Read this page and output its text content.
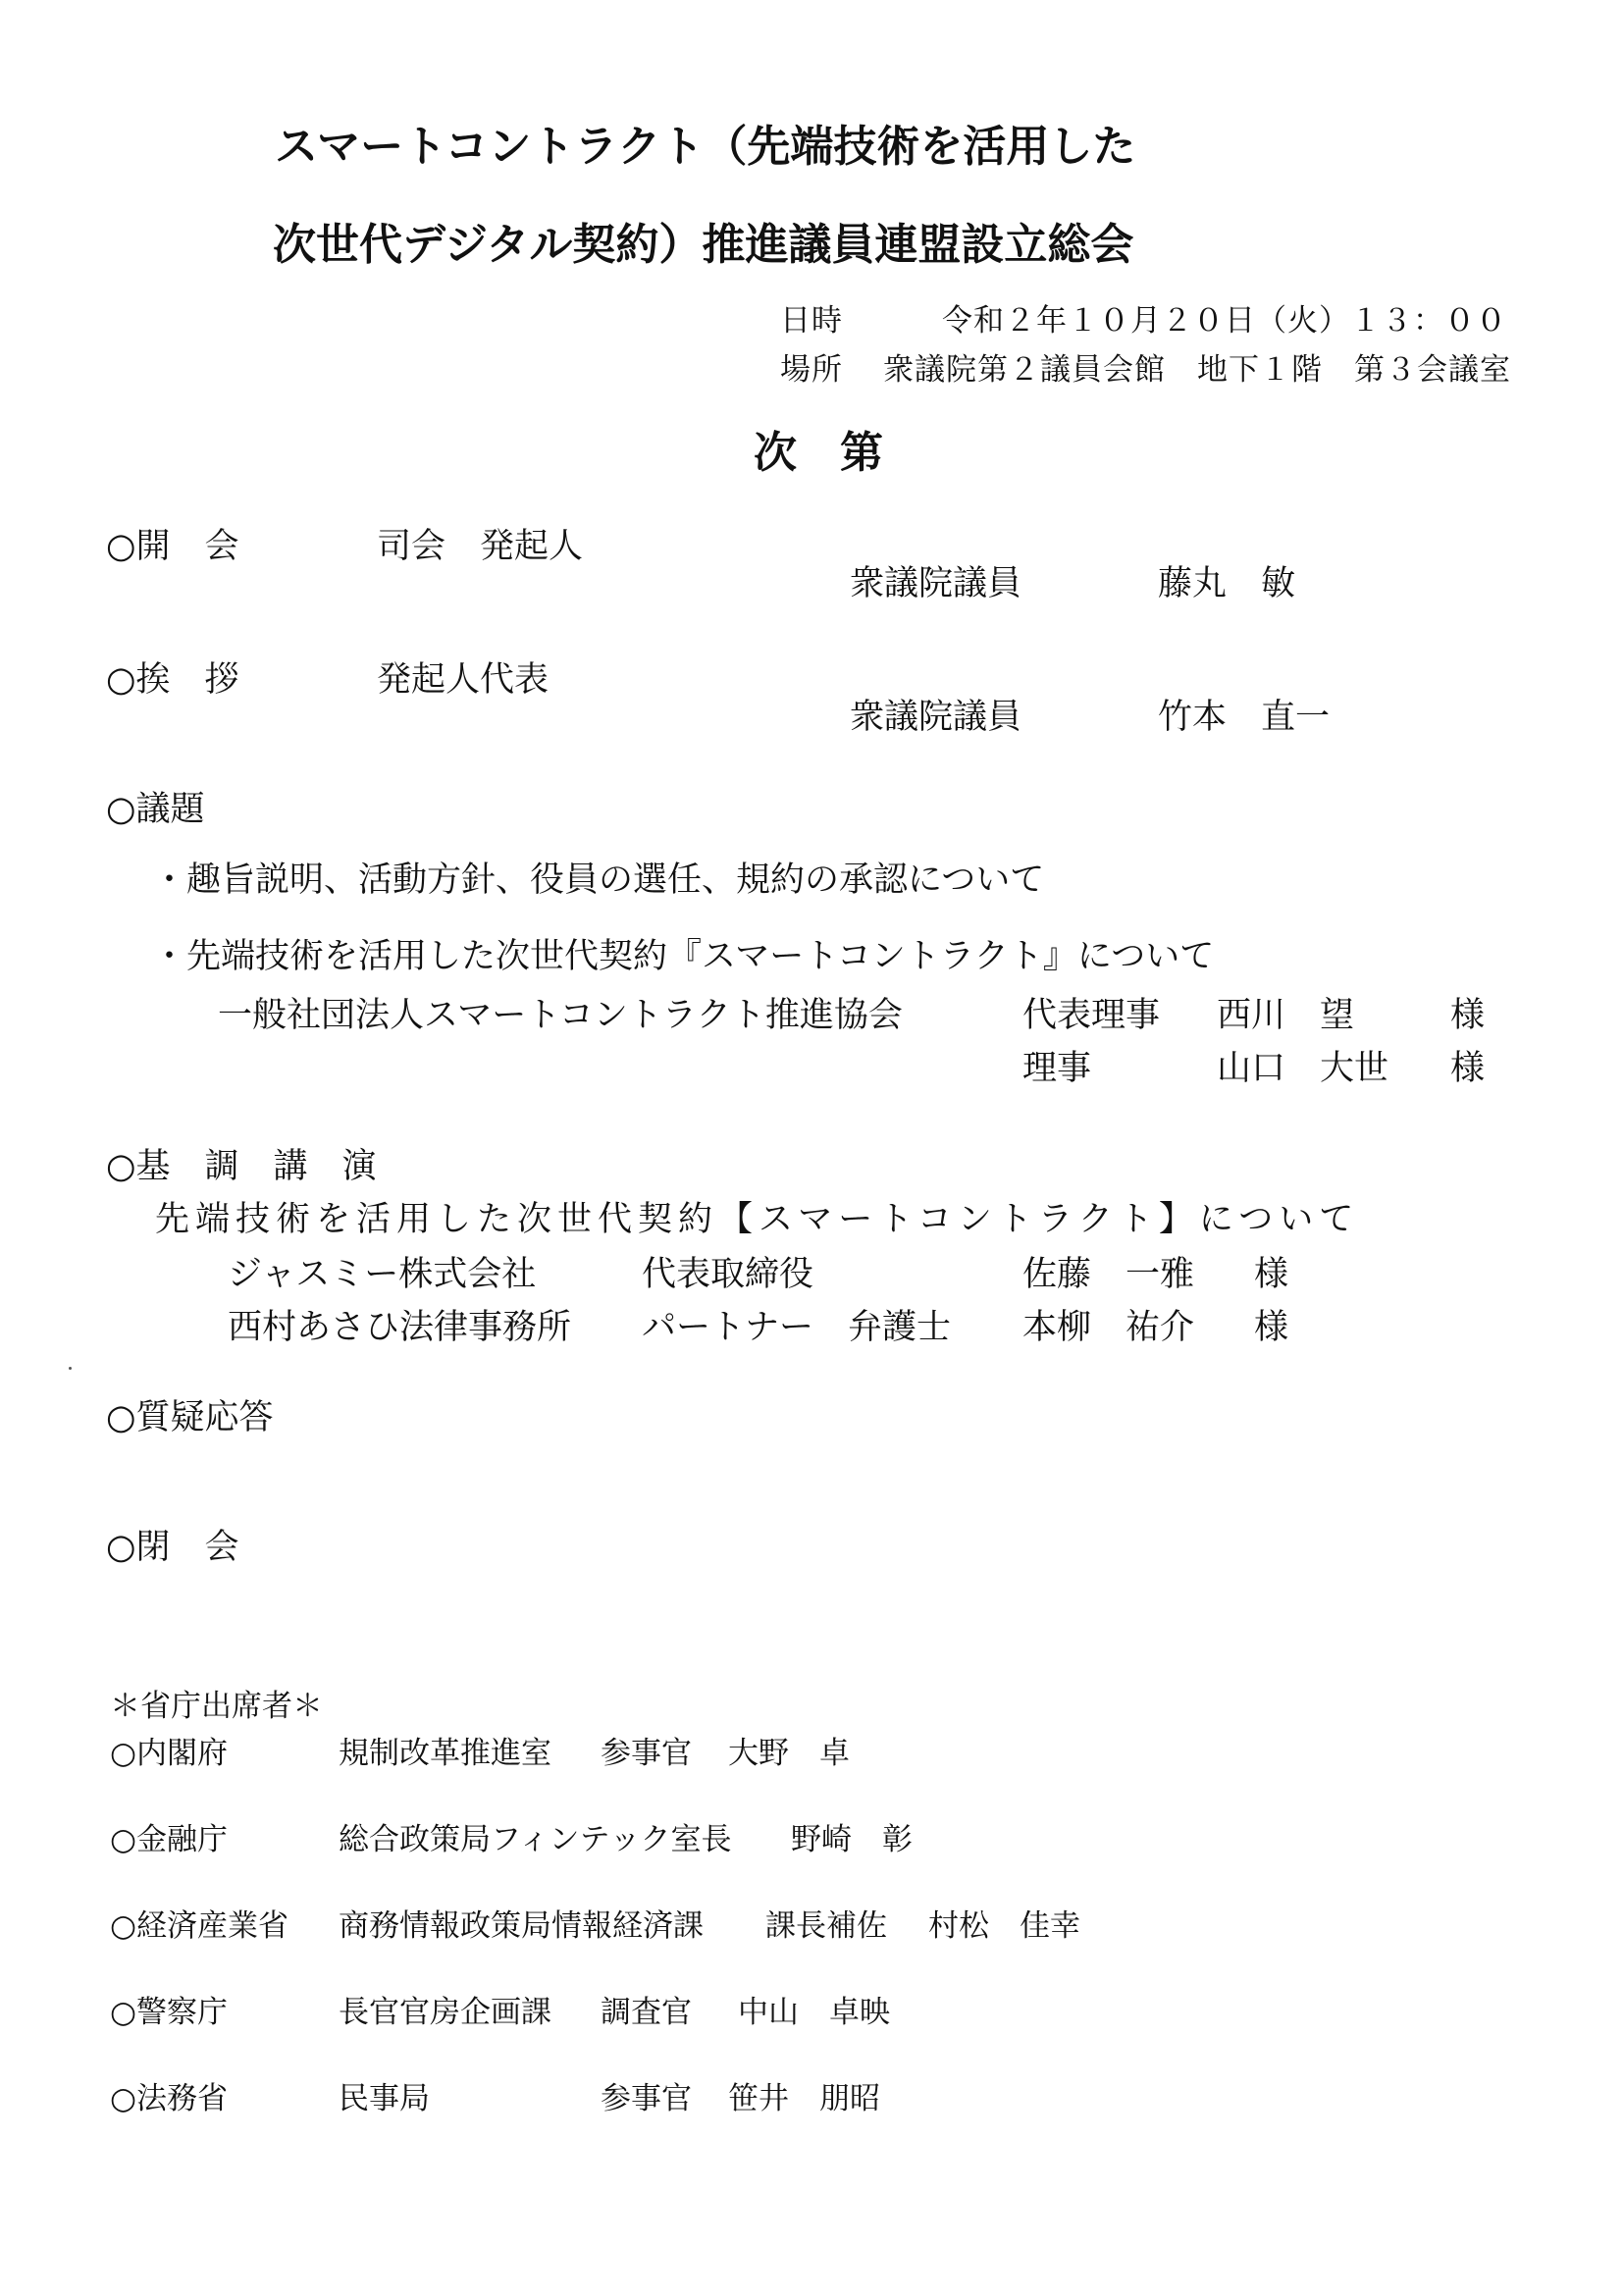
スマートコントラクト（先端技術を活用した
次世代デジタル契約）推進議員連盟設立総会
日時	令和２年１０月２０日（火）１３：００
場所 衆議院第２議員会館　地下１階　第３会議室
次　第
○開　会	司会　発起人
衆議院議員	藤丸　敏
○挨　拶	発起人代表
衆議院議員	竹本　直一
○議題
・趣旨説明、活動方針、役員の選任、規約の承認について
・先端技術を活用した次世代契約『スマートコントラクト』について
一般社団法人スマートコントラクト推進協会	代表理事 西川　望	様
理事	山口　大世 様
○基　調　講　演
先端技術を活用した次世代契約【スマートコントラクト】について
ジャスミー株式会社	代表取締役	佐藤　一雅 様
西村あさひ法律事務所 パートナー　弁護士 本柳　祐介 様
○質疑応答
○閉　会
＊省庁出席者＊
○内閣府	規制改革推進室 参事官 大野　卓
○金融庁	総合政策局フィンテック室長 野崎　彰
○経済産業省 商務情報政策局情報経済課 課長補佐 村松　佳幸
○警察庁	長官官房企画課 調査官 中山　卓映
○法務省	民事局	参事官 笹井　朋昭
